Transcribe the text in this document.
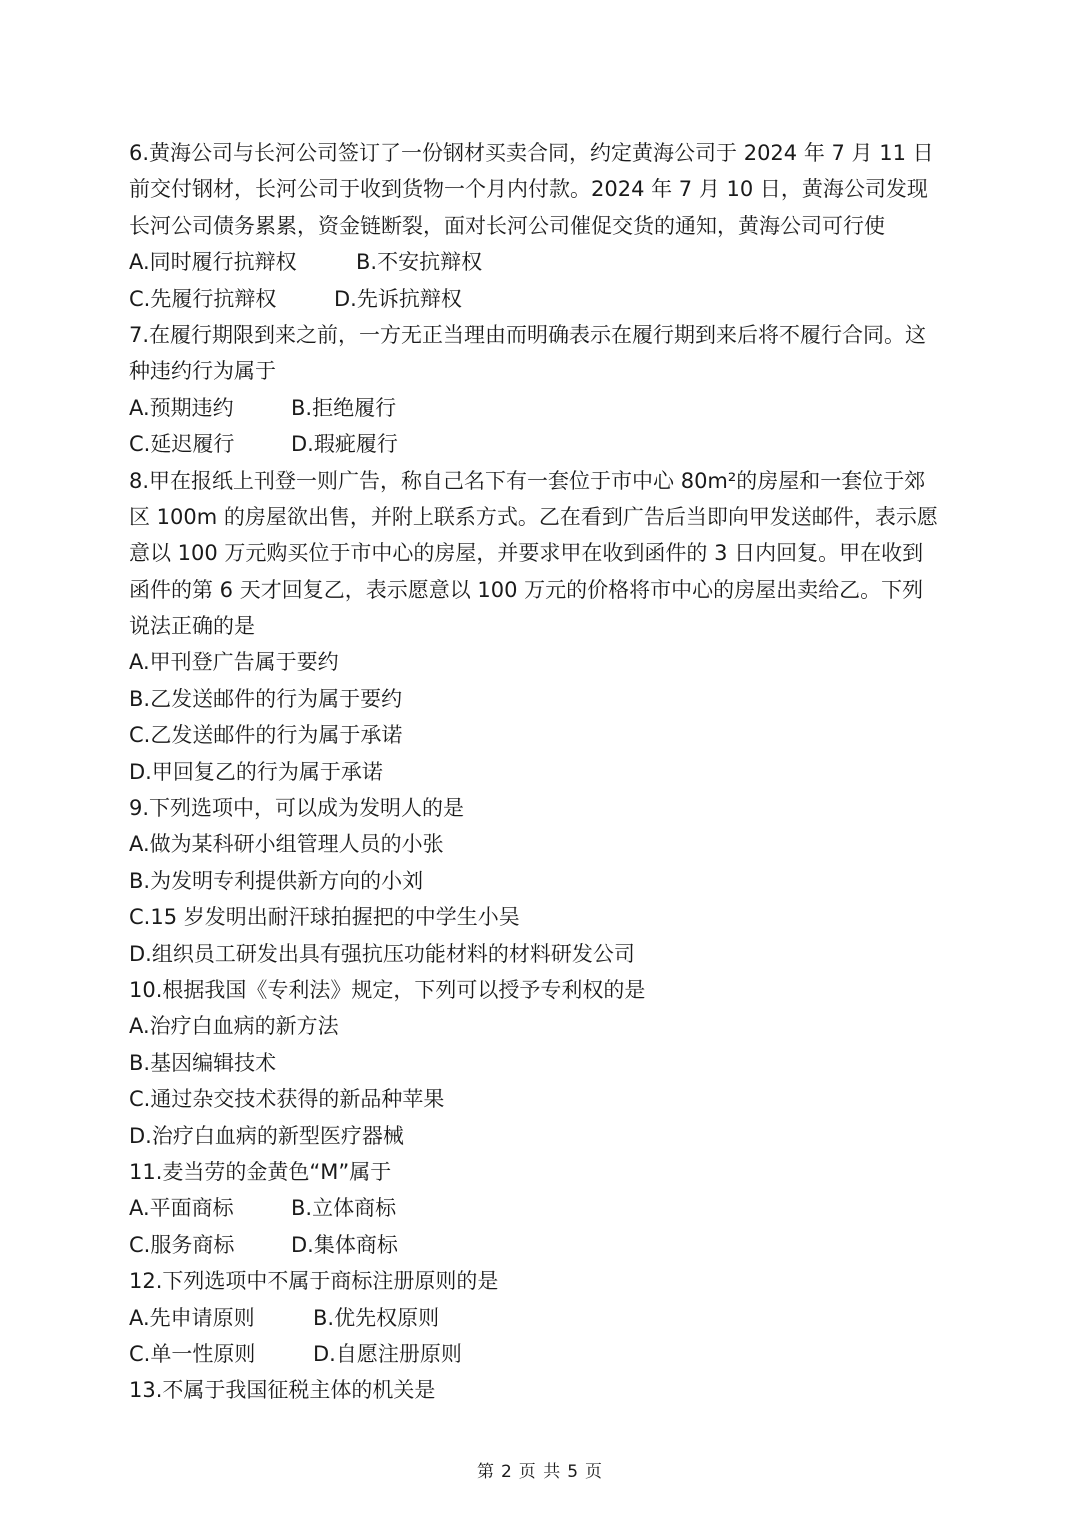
6.黄海公司与长河公司签订了一份钢材买卖合同，约定黄海公司于 2024 年 7 月 11 日
前交付钢材，长河公司于收到货物一个月内付款。2024 年 7 月 10 日，黄海公司发现
长河公司债务累累，资金链断裂，面对长河公司催促交货的通知，黄海公司可行使
A.同时履行抗辩权	B.不安抗辩权
C.先履行抗辩权	D.先诉抗辩权
7.在履行期限到来之前，一方无正当理由而明确表示在履行期到来后将不履行合同。这
种违约行为属于
A.预期违约	B.拒绝履行
C.延迟履行	D.瑕疵履行
8.甲在报纸上刊登一则广告，称自己名下有一套位于市中心 80m²的房屋和一套位于郊
区 100m 的房屋欲出售，并附上联系方式。乙在看到广告后当即向甲发送邮件，表示愿
意以 100 万元购买位于市中心的房屋，并要求甲在收到函件的 3 日内回复。甲在收到
函件的第 6 天才回复乙，表示愿意以 100 万元的价格将市中心的房屋出卖给乙。下列
说法正确的是
A.甲刊登广告属于要约
B.乙发送邮件的行为属于要约
C.乙发送邮件的行为属于承诺
D.甲回复乙的行为属于承诺
9.下列选项中，可以成为发明人的是
A.做为某科研小组管理人员的小张
B.为发明专利提供新方向的小刘
C.15 岁发明出耐汗球拍握把的中学生小吴
D.组织员工研发出具有强抗压功能材料的材料研发公司
10.根据我国《专利法》规定，下列可以授予专利权的是
A.治疗白血病的新方法
B.基因编辑技术
C.通过杂交技术获得的新品种苹果
D.治疗白血病的新型医疗器械
11.麦当劳的金黄色“M”属于
A.平面商标	B.立体商标
C.服务商标	D.集体商标
12.下列选项中不属于商标注册原则的是
A.先申请原则	B.优先权原则
C.单一性原则	D.自愿注册原则
13.不属于我国征税主体的机关是
第 2 页 共 5 页
